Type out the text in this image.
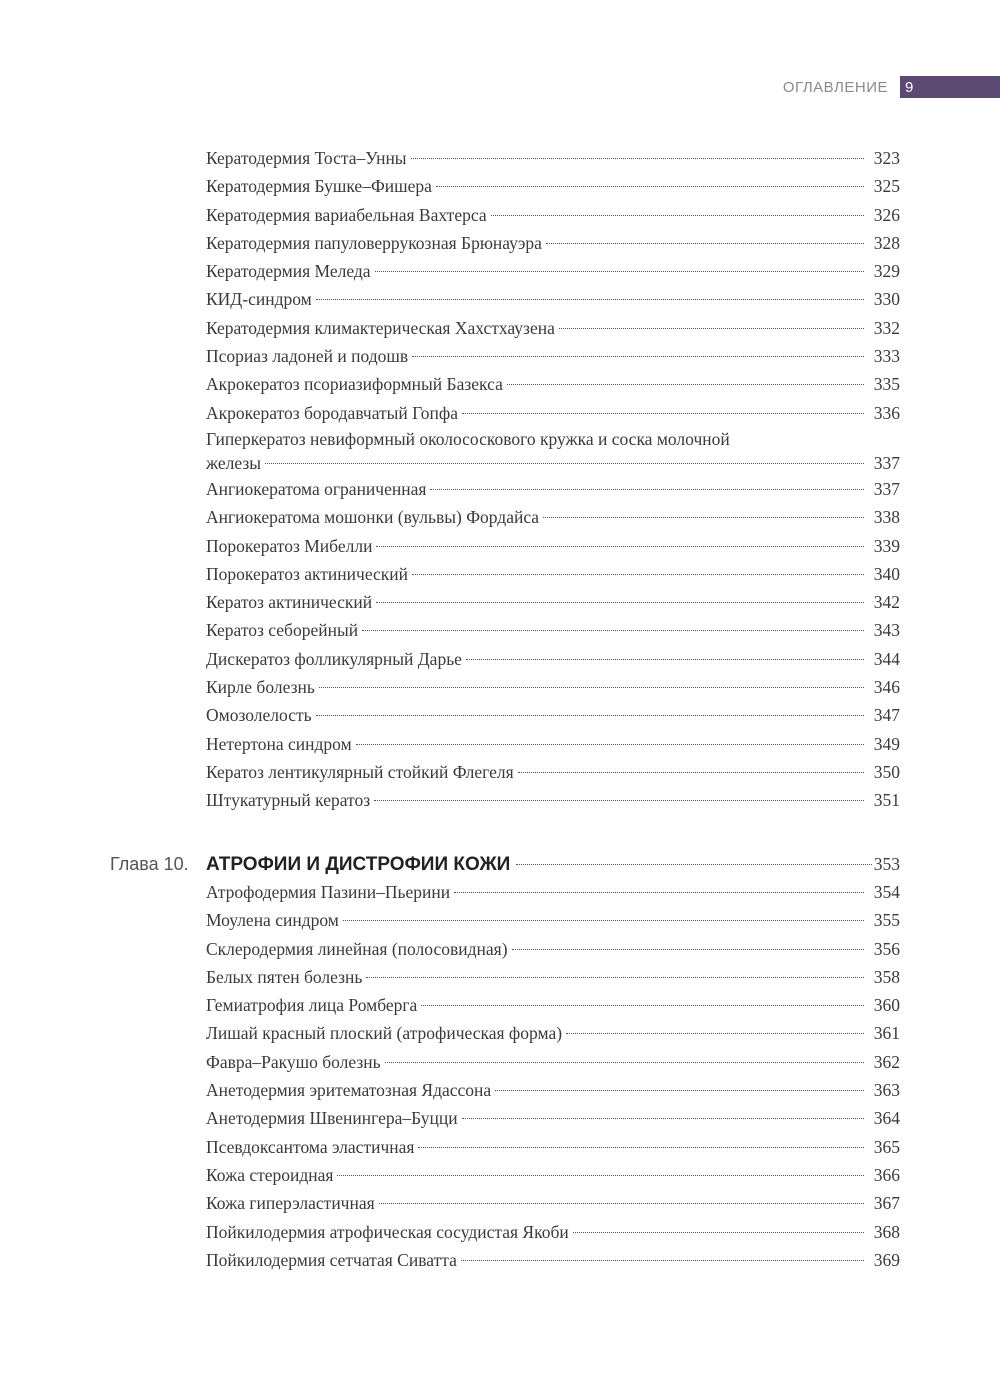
ОГЛАВЛЕНИЕ	9
Кератодермия Тоста–Унны	323
Кератодермия Бушке–Фишера	325
Кератодермия вариабельная Вахтерса	326
Кератодермия папуловеррукозная Брюнауэра	328
Кератодермия Меледа	329
КИД-синдром	330
Кератодермия климактерическая Хахстхаузена	332
Псориаз ладоней и подошв	333
Акрокератоз псориазиформный Базекса	335
Акрокератоз бородавчатый Гопфа	336
Гиперкератоз невиформный околососкового кружка и соска молочной
железы	337
Ангиокератома ограниченная	337
Ангиокератома мошонки (вульвы) Фордайса	338
Порокератоз Мибелли	339
Порокератоз актинический	340
Кератоз актинический	342
Кератоз себорейный	343
Дискератоз фолликулярный Дарье	344
Кирле болезнь	346
Омозолелость	347
Нетертона синдром	349
Кератоз лентикулярный стойкий Флегеля	350
Штукатурный кератоз	351
Глава 10. АТРОФИИ И ДИСТРОФИИ КОЖИ	353
Атрофодермия Пазини–Пьерини	354
Моулена синдром	355
Склеродермия линейная (полосовидная)	356
Белых пятен болезнь	358
Гемиатрофия лица Ромберга	360
Лишай красный плоский (атрофическая форма)	361
Фавра–Ракушо болезнь	362
Анетодермия эритематозная Ядассона	363
Анетодермия Швенингера–Буцци	364
Псевдоксантома эластичная	365
Кожа стероидная	366
Кожа гиперэластичная	367
Пойкилодермия атрофическая сосудистая Якоби	368
Пойкилодермия сетчатая Сиватта	369
